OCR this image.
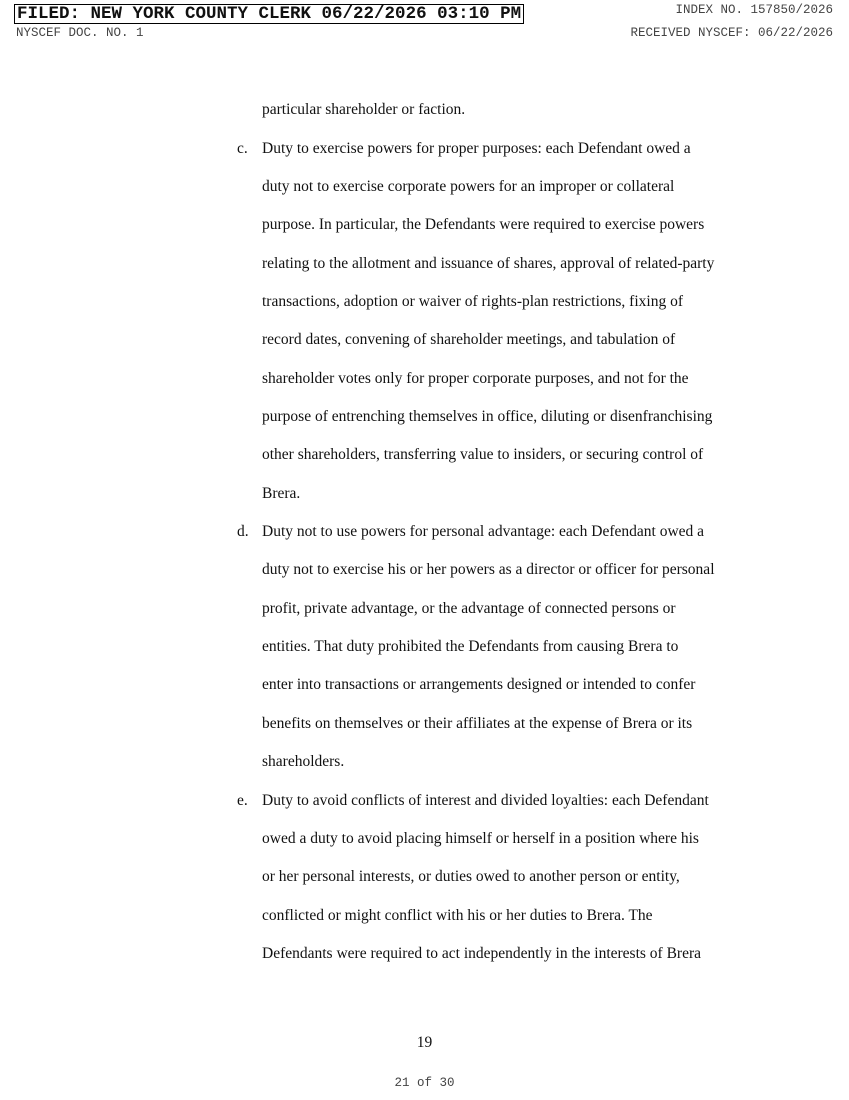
FILED: NEW YORK COUNTY CLERK 06/22/2026 03:10 PM	INDEX NO. 157850/2026
NYSCEF DOC. NO. 1	RECEIVED NYSCEF: 06/22/2026
particular shareholder or faction.
c. Duty to exercise powers for proper purposes: each Defendant owed a
duty not to exercise corporate powers for an improper or collateral
purpose. In particular, the Defendants were required to exercise powers
relating to the allotment and issuance of shares, approval of related-party
transactions, adoption or waiver of rights-plan restrictions, fixing of
record dates, convening of shareholder meetings, and tabulation of
shareholder votes only for proper corporate purposes, and not for the
purpose of entrenching themselves in office, diluting or disenfranchising
other shareholders, transferring value to insiders, or securing control of
Brera.
d. Duty not to use powers for personal advantage: each Defendant owed a
duty not to exercise his or her powers as a director or officer for personal
profit, private advantage, or the advantage of connected persons or
entities. That duty prohibited the Defendants from causing Brera to
enter into transactions or arrangements designed or intended to confer
benefits on themselves or their affiliates at the expense of Brera or its
shareholders.
e. Duty to avoid conflicts of interest and divided loyalties: each Defendant
owed a duty to avoid placing himself or herself in a position where his
or her personal interests, or duties owed to another person or entity,
conflicted or might conflict with his or her duties to Brera. The
Defendants were required to act independently in the interests of Brera
19
21 of 30
